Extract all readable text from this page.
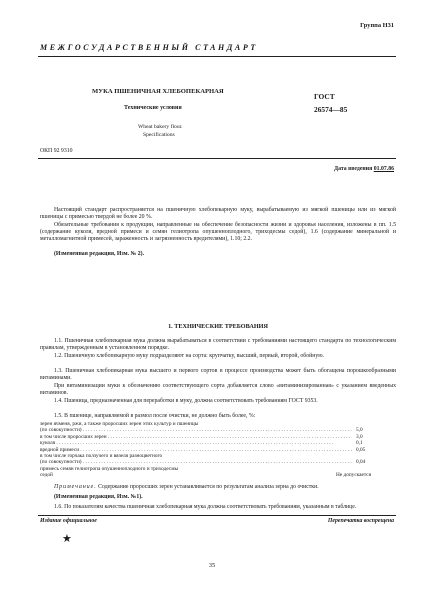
Группа Н31
МЕЖГОСУДАРСТВЕННЫЙ СТАНДАРТ
МУКА ПШЕНИЧНАЯ ХЛЕБОПЕКАРНАЯ
Технические условия
Wheat bakery flour.
Specifications
ГОСТ
26574—85
ОКП 92 9310
Дата введения 01.07.86
Настоящий стандарт распространяется на пшеничную хлебопекарную муку, вырабатываемую из мягкой пшеницы или из мягкой пшеницы с примесью твердой не более 20 %.
Обязательные требования к продукции, направленные на обеспечение безопасности жизни и здоровья населения, изложены в пп. 1.5 (содержание куколя, вредной примеси и семян гелиотропа опушенноплодного, триходесмы седой), 1.6 (содержание минеральной и металломагнитной примесей, зараженность и загрязненность вредителями), 1.10; 2.2.
(Измененная редакция, Изм. № 2).
1. ТЕХНИЧЕСКИЕ ТРЕБОВАНИЯ
1.1. Пшеничная хлебопекарная мука должна вырабатываться в соответствии с требованиями настоящего стандарта по технологическим правилам, утвержденным в установленном порядке.
1.2. Пшеничную хлебопекарную муку подразделяют на сорта: крупчатку, высший, первый, второй, обойную.
1.3. Пшеничная хлебопекарная мука высшего и первого сортов в процессе производства может быть обогащена порошкообразными витаминами.
При витаминизации муки к обозначению соответствующего сорта добавляется слово «витаминизированная» с указанием введенных витаминов.
1.4. Пшеница, предназначенная для переработки в муку, должна соответствовать требованиям ГОСТ 9353.
1.5. В пшенице, направляемой в размол после очистки, не должно быть более, %:
зерен ячменя, ржи, а также проросших зерен этих культур и пшеницы
(по совокупности) . . .	5,0
в том числе проросших зерен . . .	3,0
куколя . . .	0,1
вредной примеси . . .	0,05
в том числе горчака ползучего и вязеля разноцветного
(по совокупности) . . .	0,04
примесь семян гелиотропа опушенноплодного и триходесмы
седой	Не допускается
Примечание. Содержание проросших зерен устанавливается по результатам анализа зерна до очистки.
Издание официальное	Перепечатка воспрещена
★
35
(Измененная редакция, Изм. №1).
1.6. По показателям качества пшеничная хлебопекарная мука должна соответствовать требованиям, указанным в таблице.
